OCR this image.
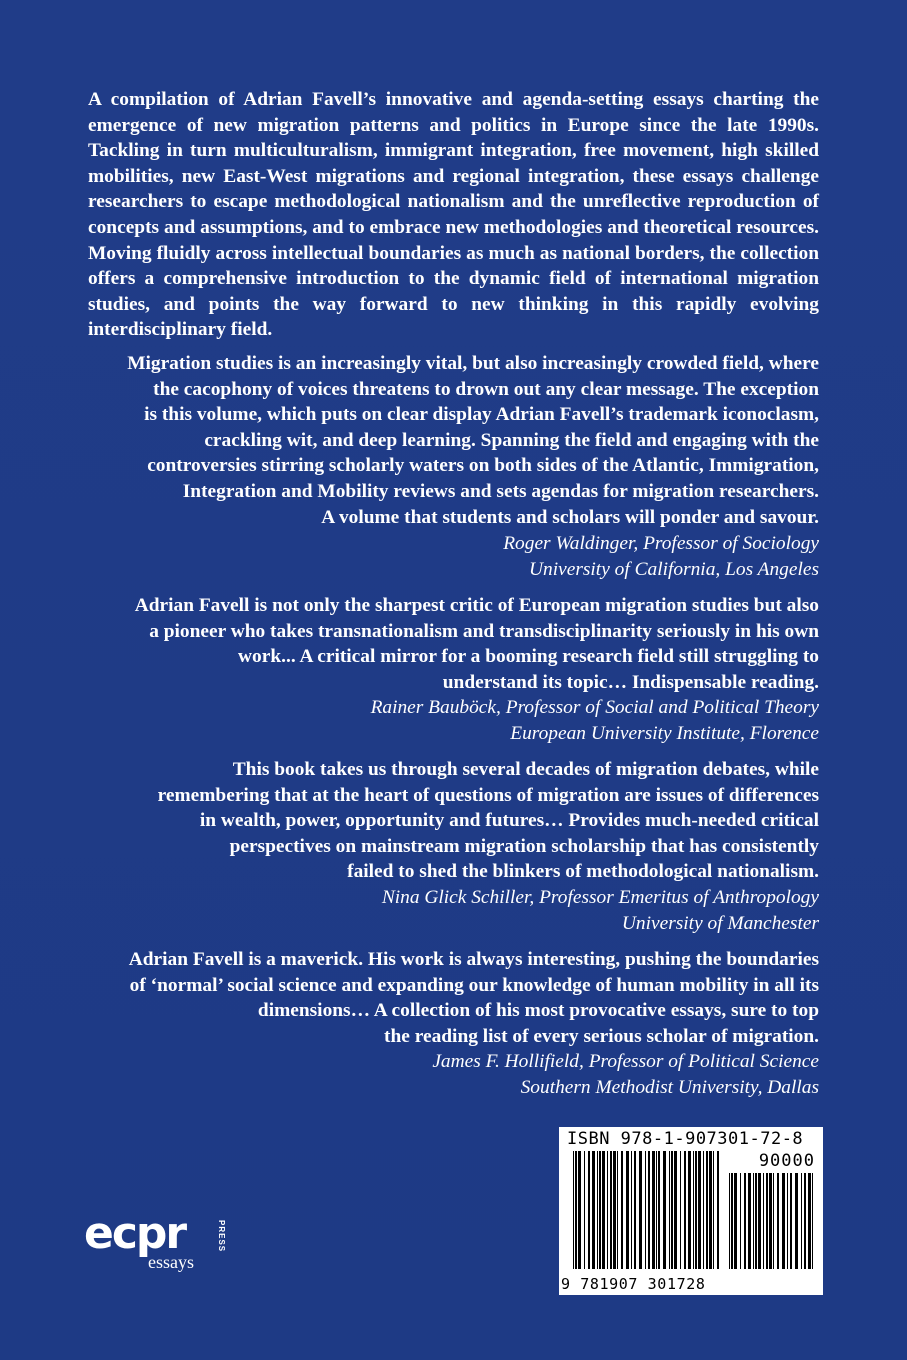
A compilation of Adrian Favell’s innovative and agenda-setting essays charting the emergence of new migration patterns and politics in Europe since the late 1990s. Tackling in turn multiculturalism, immigrant integration, free movement, high skilled mobilities, new East-West migrations and regional integration, these essays challenge researchers to escape methodological nationalism and the unreflective reproduction of concepts and assumptions, and to embrace new methodologies and theoretical resources. Moving fluidly across intellectual boundaries as much as national borders, the collection offers a comprehensive introduction to the dynamic field of international migration studies, and points the way forward to new thinking in this rapidly evolving interdisciplinary field.

Migration studies is an increasingly vital, but also increasingly crowded field, where
the cacophony of voices threatens to drown out any clear message. The exception
is this volume, which puts on clear display Adrian Favell’s trademark iconoclasm,
crackling wit, and deep learning. Spanning the field and engaging with the
controversies stirring scholarly waters on both sides of the Atlantic, Immigration,
Integration and Mobility reviews and sets agendas for migration researchers.
A volume that students and scholars will ponder and savour.

Roger Waldinger, Professor of Sociology
University of California, Los Angeles

Adrian Favell is not only the sharpest critic of European migration studies but also
a pioneer who takes transnationalism and transdisciplinarity seriously in his own
work... A critical mirror for a booming research field still struggling to
understand its topic… Indispensable reading.

Rainer Bauböck, Professor of Social and Political Theory
European University Institute, Florence

This book takes us through several decades of migration debates, while
remembering that at the heart of questions of migration are issues of differences
in wealth, power, opportunity and futures… Provides much-needed critical
perspectives on mainstream migration scholarship that has consistently
failed to shed the blinkers of methodological nationalism.

Nina Glick Schiller, Professor Emeritus of Anthropology
University of Manchester

Adrian Favell is a maverick. His work is always interesting, pushing the boundaries
of ‘normal’ social science and expanding our knowledge of human mobility in all its
dimensions… A collection of his most provocative essays, sure to top
the reading list of every serious scholar of migration.

James F. Hollifield, Professor of Political Science
Southern Methodist University, Dallas

ecpr	PRESS
essays
ISBN 978-1-907301-72-8
90000
9 781907 301728
